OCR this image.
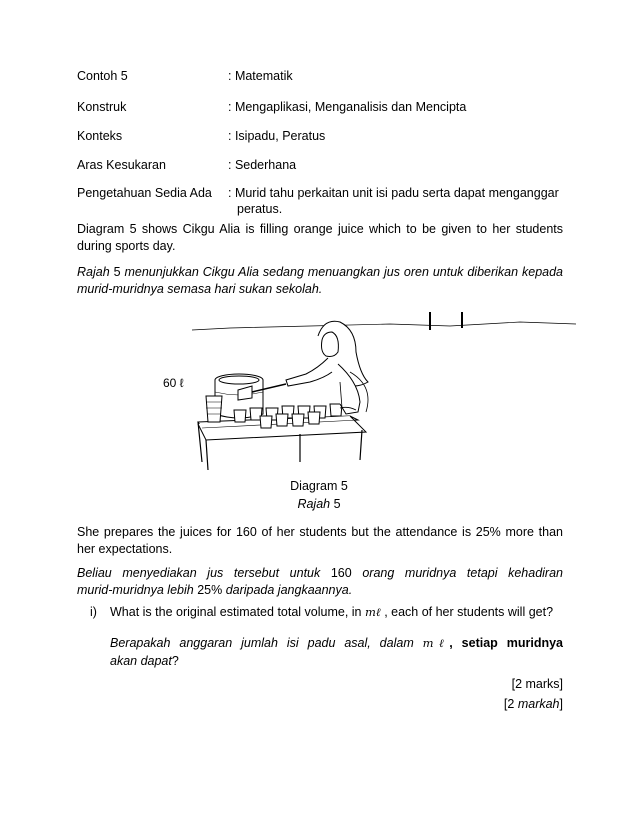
Contoh 5	: Matematik
Konstruk	: Mengaplikasi, Menganalisis dan Mencipta
Konteks	: Isipadu, Peratus
Aras Kesukaran	: Sederhana
Pengetahuan Sedia Ada : Murid tahu perkaitan unit isi padu serta dapat menganggar
peratus.
Diagram 5 shows Cikgu Alia is filling orange juice which to be given to her students
during sports day.
Rajah 5 menunjukkan Cikgu Alia sedang menuangkan jus oren untuk diberikan kepada
murid-muridnya semasa hari sukan sekolah.
60 ℓ
Diagram 5
Rajah 5
She prepares the juices for 160 of her students but the attendance is 25% more than
her expectations.
Beliau menyediakan jus tersebut untuk 160 orang muridnya tetapi kehadiran
murid-muridnya lebih 25% daripada jangkaannya.
i) What is the original estimated total volume, in mℓ , each of her students will get?
Berapakah anggaran jumlah isi padu asal, dalam mℓ, setiap muridnya
akan dapat?
[2 marks]
[2 markah]
